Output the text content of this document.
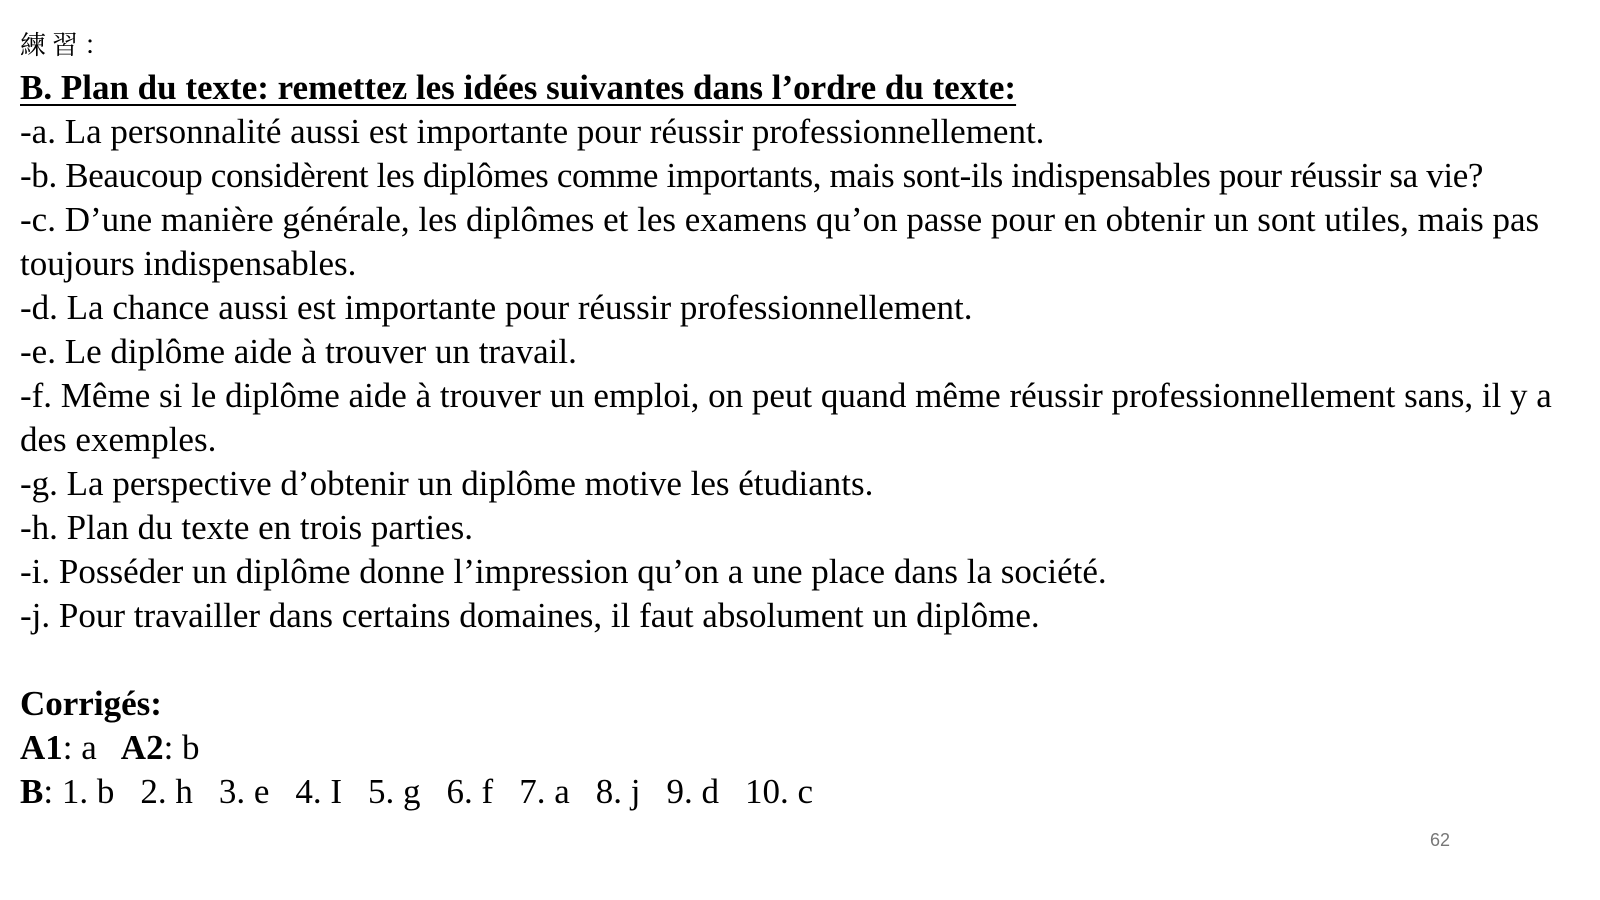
練習：

B. Plan du texte: remettez les idées suivantes dans l’ordre du texte:

-a. La personnalité aussi est importante pour réussir professionnellement.

-b. Beaucoup considèrent les diplômes comme importants, mais sont-ils indispensables pour réussir sa vie?

-c. D’une manière générale, les diplômes et les examens qu’on passe pour en obtenir un sont utiles, mais pas toujours indispensables.

-d. La chance aussi est importante pour réussir professionnellement.

-e. Le diplôme aide à trouver un travail.

-f. Même si le diplôme aide à trouver un emploi, on peut quand même réussir professionnellement sans, il y a des exemples.

-g. La perspective d’obtenir un diplôme motive les étudiants.

-h. Plan du texte en trois parties.

-i. Posséder un diplôme donne l’impression qu’on a une place dans la société.

-j. Pour travailler dans certains domaines, il faut absolument un diplôme.

Corrigés:

A1: a A2: b

B: 1. b 2. h 3. e 4. I 5. g 6. f 7. a 8. j 9. d 10. c

62
